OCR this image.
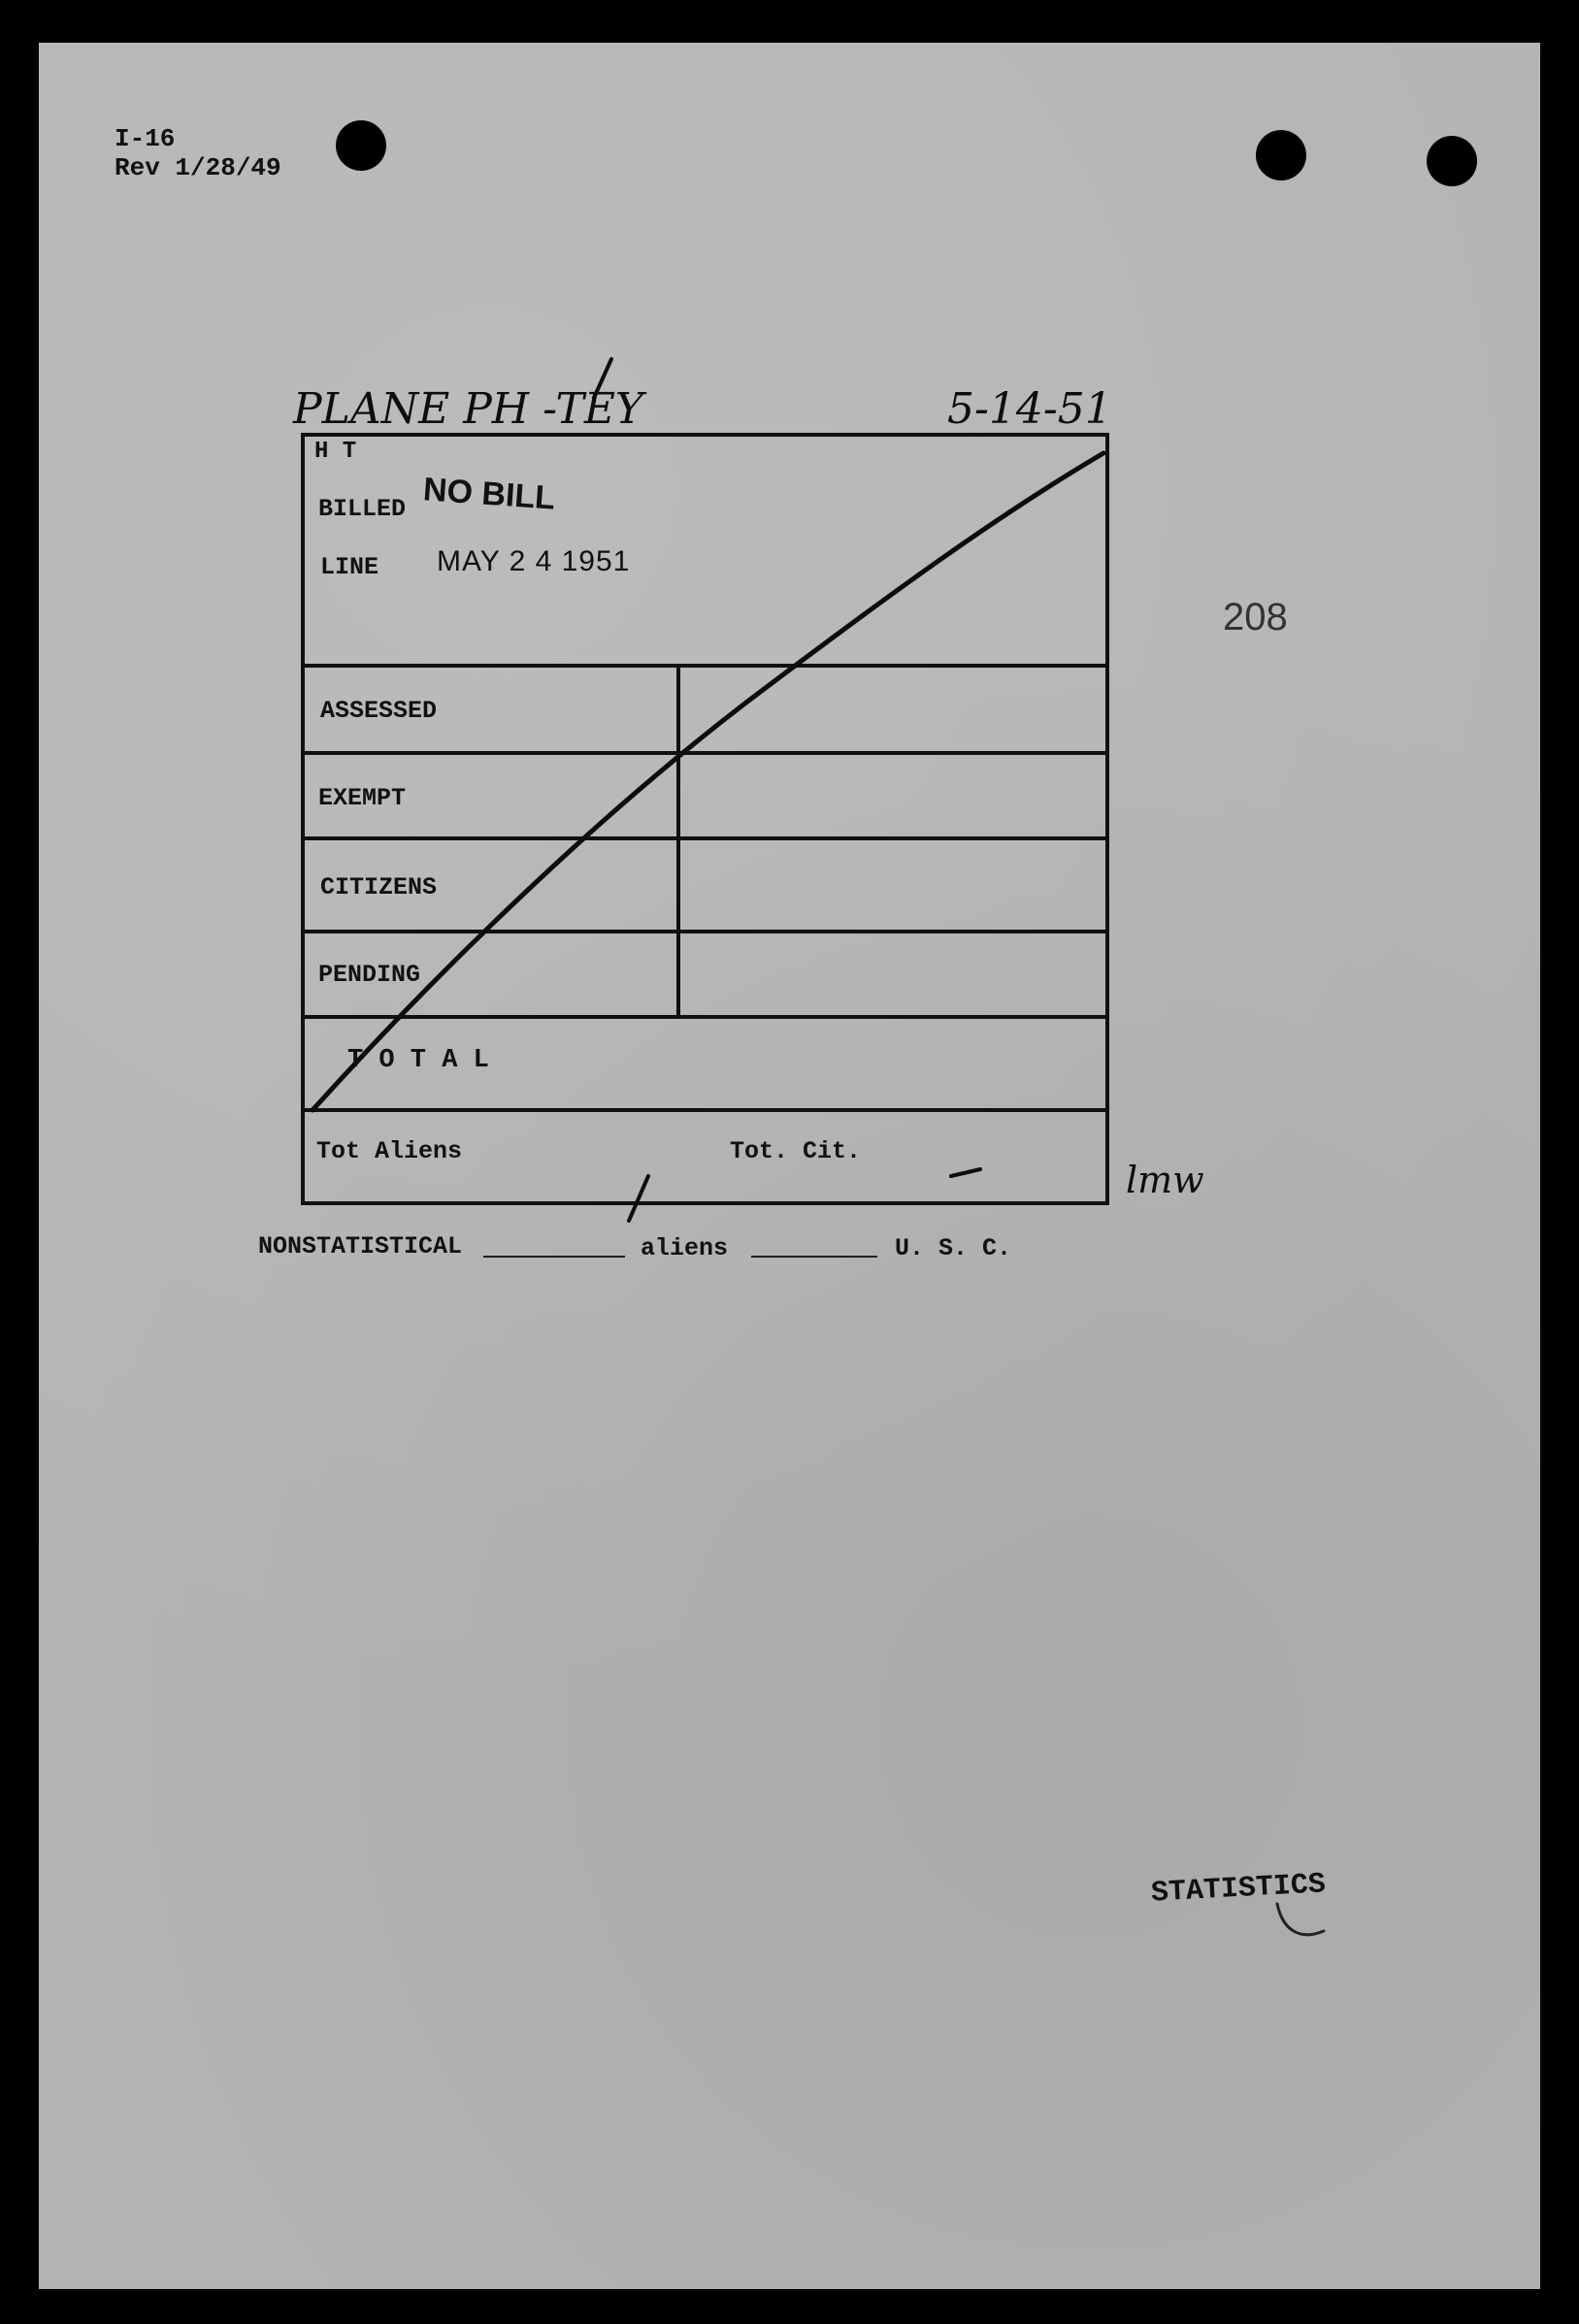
I-16
Rev 1/28/49
PLANE PH -TEY	5-14-51
208
H T
BILLED NO BILL
LINE MAY 2 4 1951
ASSESSED
EXEMPT
CITIZENS
PENDING
T O T A L
Tot Aliens	Tot. Cit.
lmw
NONSTATISTICAL	aliens	U. S. C.
STATISTICS
